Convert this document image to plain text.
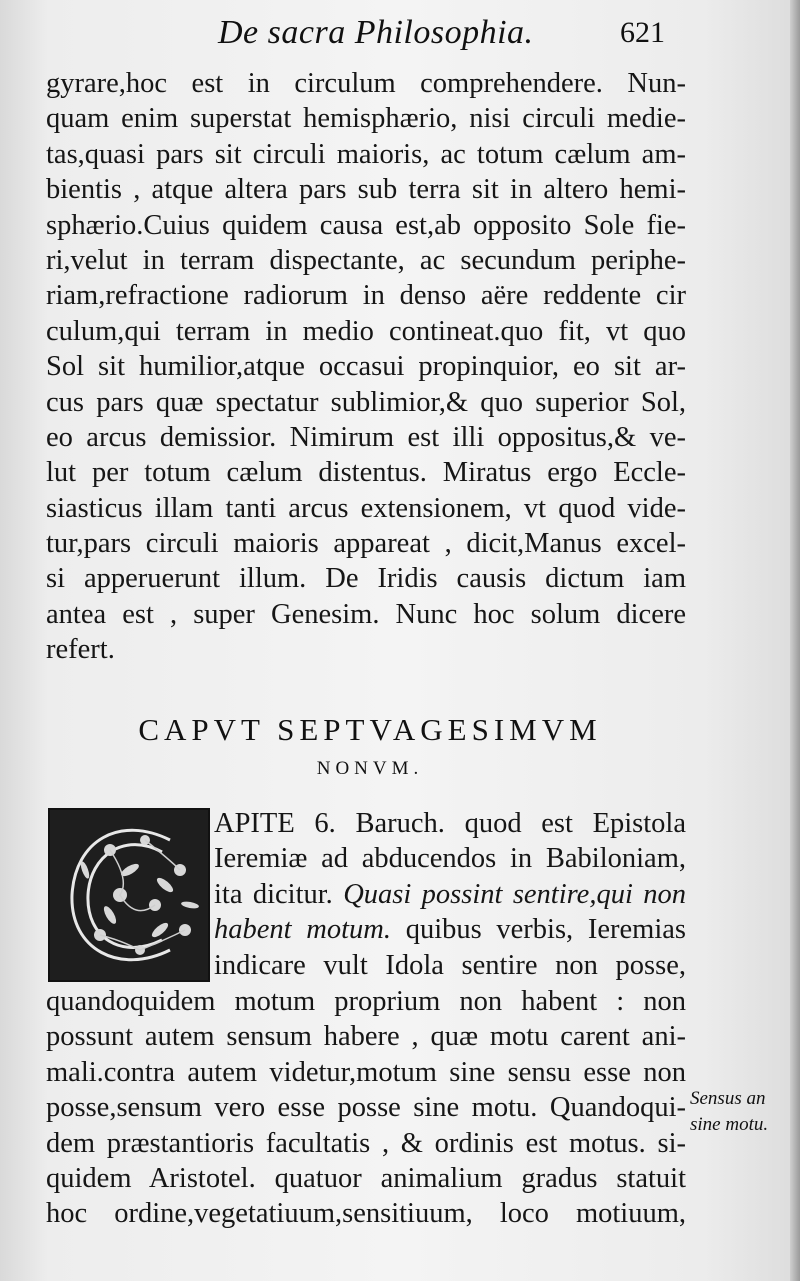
De sacra Philosophia.	621
gyrare,hoc est in circulum comprehendere. Nun-
quam enim superstat hemisphærio, nisi circuli medie-
tas,quasi pars sit circuli maioris, ac totum cælum am-
bientis , atque altera pars sub terra sit in altero hemi-
sphærio.Cuius quidem causa est,ab opposito Sole fie-
ri,velut in terram dispectante, ac secundum periphe-
riam,refractione radiorum in denso aëre reddente cir
culum,qui terram in medio contineat.quo fit, vt quo
Sol sit humilior,atque occasui propinquior, eo sit ar-
cus pars quæ spectatur sublimior,& quo superior Sol,
eo arcus demissior. Nimirum est illi oppositus,& ve-
lut per totum cælum distentus. Miratus ergo Eccle-
siasticus illam tanti arcus extensionem, vt quod vide-
tur,pars circuli maioris appareat , dicit,Manus excel-
si apperuerunt illum. De Iridis causis dictum iam
antea est , super Genesim. Nunc hoc solum dicere
refert.
CAPVT SEPTVAGESIMVM
NONVM.
APITE 6. Baruch. quod est Epistola
Ieremiæ ad abducendos in Babiloniam,
ita dicitur. Quasi possint sentire,qui non
habent motum. quibus verbis, Ieremias
indicare vult Idola sentire non posse,
quandoquidem motum proprium non habent : non
possunt autem sensum habere , quæ motu carent ani-
mali.contra autem videtur,motum sine sensu esse non
posse,sensum vero esse posse sine motu. Quandoqui-
dem præstantioris facultatis , & ordinis est motus. si-
quidem Aristotel. quatuor animalium gradus statuit
hoc ordine,vegetatiuum,sensitiuum, loco motiuum,
Sensus an
sine motu.
